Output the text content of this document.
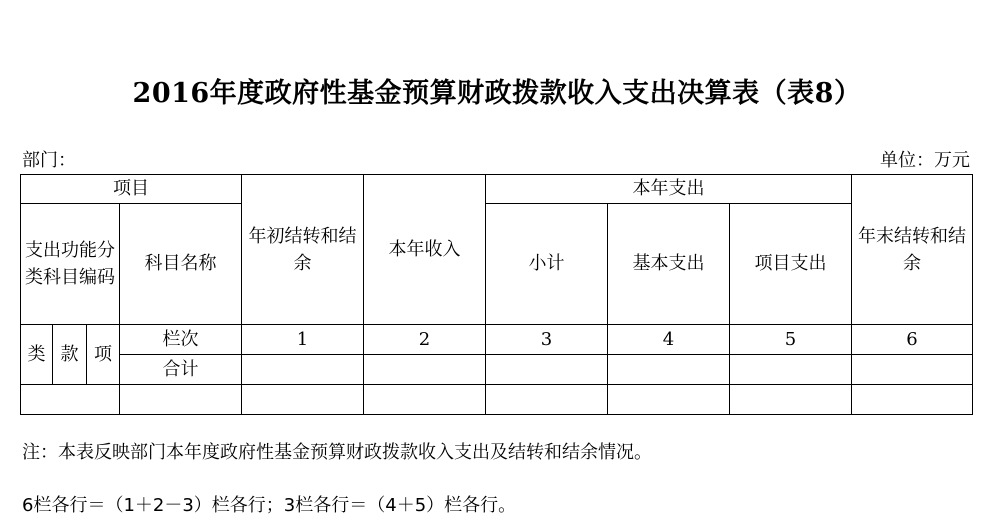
2016年度政府性基金预算财政拨款收入支出决算表（表8）
部门：	单位：万元
项目				年初结转和结余	本年收入	本年支出			年末结转和结余
支出功能分类科目编码			科目名称			小计	基本支出	项目支出	
类	款	项	栏次	1	2	3	4	5	6
			合计						

注：本表反映部门本年度政府性基金预算财政拨款收入支出及结转和结余情况。
6栏各行＝（1＋2－3）栏各行；3栏各行＝（4＋5）栏各行。
